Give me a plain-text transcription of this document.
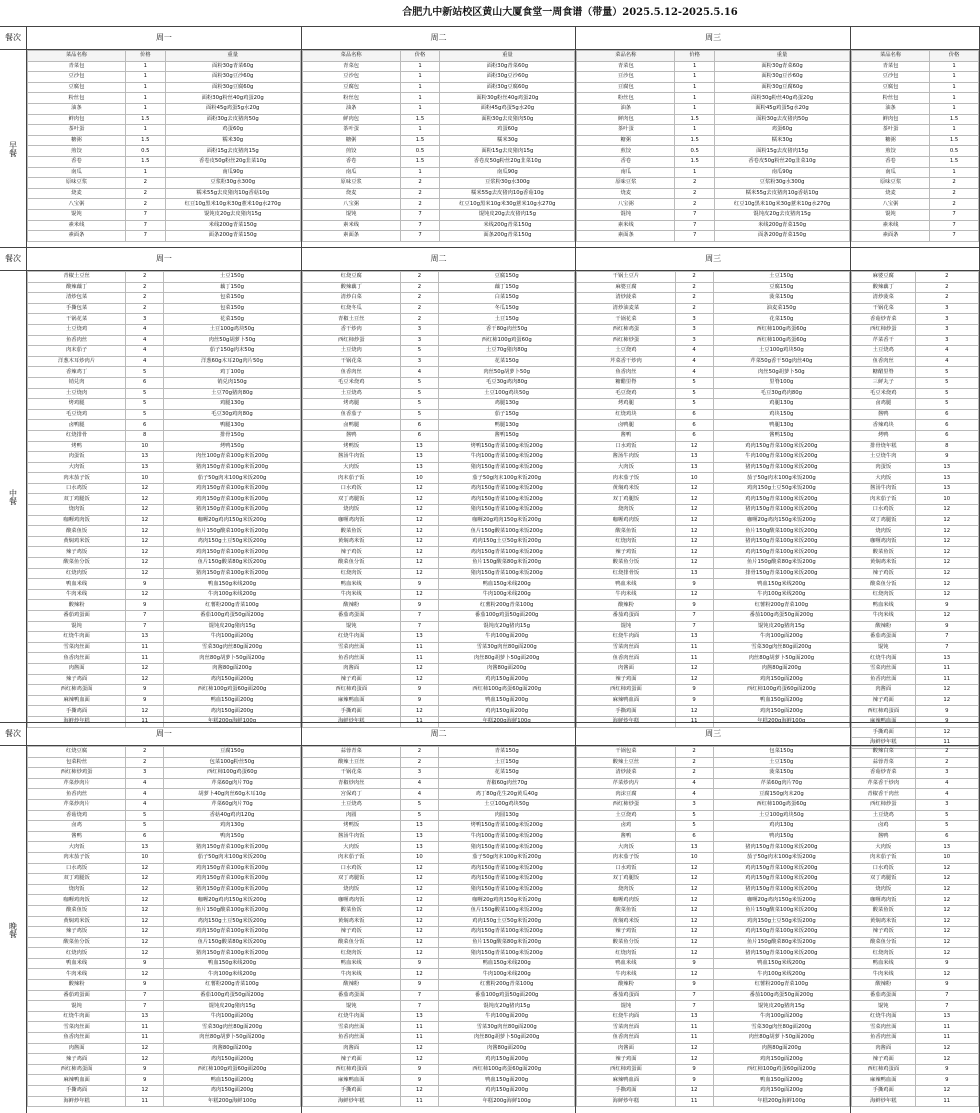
合肥九中新站校区黄山大厦食堂一周食谱（带量）2025.5.12-2025.5.16
餐次	周一	周二	周三
早餐
菜品名称	价格	重量
青菜包	1	面粉30g青菜60g
豆沙包	1	面粉30g豆沙60g
豆腐包	1	面粉30g豆腐60g
粉丝包	1	面粉30g粉丝40g鸡蛋20g
油条	1	面粉45g鸡蛋5g水20g
鲜肉包	1.5	面粉30g去皮猪肉50g
茶叶蛋	1	鸡蛋60g
糖粥	1.5	糯米30g
煎饺	0.5	面粉15g去皮猪肉15g
香卷	1.5	香卷皮50g粉丝20g韭菜10g
南瓜	1	南瓜90g
原味豆浆	2	豆浆粉30g水300g
烧麦	2	糯米55g去皮猪肉10g香菇10g
八宝粥	2	红豆10g黑米10g米30g薏米10g水270g
馄饨	7	馄饨皮20g去皮猪肉15g
素米线	7	米线200g青菜150g
素面条	7	面条200g青菜150g
菜品名称	价格	重量
青菜包	1	面粉30g青菜60g
豆沙包	1	面粉30g豆沙60g
豆腐包	1	面粉30g豆腐60g
粉丝包	1	面粉30g粉丝40g鸡蛋20g
油条	1	面粉45g鸡蛋5g水20g
鲜肉包	1.5	面粉30g去皮猪肉50g
茶叶蛋	1	鸡蛋60g
糖粥	1.5	糯米30g
煎饺	0.5	面粉15g去皮猪肉15g
香卷	1.5	香卷皮50g粉丝20g韭菜10g
南瓜	1	南瓜90g
原味豆浆	2	豆浆粉30g水300g
烧麦	2	糯米55g去皮猪肉10g香菇10g
八宝粥	2	红豆10g黑米10g米30g薏米10g水270g
馄饨	7	馄饨皮20g去皮猪肉15g
素米线	7	米线200g青菜150g
素面条	7	面条200g青菜150g
菜品名称	价格	重量
青菜包	1	面粉30g青菜60g
豆沙包	1	面粉30g豆沙60g
豆腐包	1	面粉30g豆腐60g
粉丝包	1	面粉30g粉丝40g鸡蛋20g
油条	1	面粉45g鸡蛋5g水20g
鲜肉包	1.5	面粉30g去皮猪肉50g
茶叶蛋	1	鸡蛋60g
糖粥	1.5	糯米30g
煎饺	0.5	面粉15g去皮猪肉15g
香卷	1.5	香卷皮50g粉丝20g韭菜10g
南瓜	1	南瓜90g
原味豆浆	2	豆浆粉30g水300g
烧麦	2	糯米55g去皮猪肉10g香菇10g
八宝粥	2	红豆10g黑米10g米30g薏米10g水270g
馄饨	7	馄饨皮20g去皮猪肉15g
素米线	7	米线200g青菜150g
素面条	7	面条200g青菜150g
菜品名称	价格
青菜包	1
豆沙包	1
豆腐包	1
粉丝包	1
油条	1
鲜肉包	1.5
茶叶蛋	1
糖粥	1.5
煎饺	0.5
香卷	1.5
南瓜	1
原味豆浆	2
烧麦	2
八宝粥	2
馄饨	7
素米线	7
素面条	7
餐次	周一	周二	周三
中餐
青椒土豆丝	2	土豆150g
酸辣藕丁	2	藕丁150g
清炒包菜	2	包菜150g
手撕包菜	2	包菜150g
干锅花菜	3	花菜150g
土豆烧鸡	4	土豆100g鸡块50g
鱼香肉丝	4	肉丝50g胡萝卜50g
肉末茄子	4	茄子150g肉末50g
洋葱木耳炒肉片	4	洋葱60g木耳20g肉片50g
香辣鸡丁	5	鸡丁100g
销兑肉	6	销兑肉150g
土豆烧肉	5	土豆70g猪肉80g
烤鸡腿	5	鸡腿130g
毛豆烧鸡	5	毛豆30g鸡肉80g
卤鸭腿	6	鸭腿130g
红烧排骨	8	排骨150g
烤鸭	10	烤鸭150g
肉蛋饭	13	肉丝100g青菜100g米饭200g
大肉饭	13	猪肉150g青菜100g米饭200g
肉末茄子饭	10	茄子50g肉末100g米饭200g
口水鸡饭	12	鸡肉150g青菜100g米饭200g
双丁鸡腿饭	12	鸡肉150g青菜100g米饭200g
烧肉饭	12	猪肉150g青菜100g米饭200g
咖喱鸡肉饭	12	咖喱20g鸡肉150g米饭200g
酸菜鱼饭	12	鱼片150g酸菜100g米饭200g
黄焖鸡米饭	12	鸡肉150g土豆50g米饭200g
辣子鸡饭	12	鸡肉150g青菜100g米饭200g
酸菜鱼分饭	12	鱼片150g酸菜80g米饭200g
红烧肉饭	12	猪肉150g青菜100g米饭200g
鸭血米线	9	鸭血150g米线200g
牛肉米线	12	牛肉100g米线200g
酸辣粉	9	红薯粉200g青菜100g
番茄鸡蛋面	7	番茄100g鸡蛋50g面200g
馄饨	7	馄饨皮20g猪肉15g
红烧牛肉面	13	牛肉100g面200g
雪菜肉丝面	11	雪菜30g肉丝80g面200g
鱼香肉丝面	11	肉丝80g胡萝卜50g面200g
肉酱面	12	肉酱80g面200g
辣子鸡面	12	鸡肉150g面200g
西红柿鸡蛋面	9	西红柿100g鸡蛋60g面200g
麻辣鸭血面	9	鸭血150g面200g
手撕鸡面	12	鸡肉150g面200g
海鲜炒年糕	11	年糕200g海鲜100g
红烧豆腐	2	豆腐150g
酸辣藕丁	2	藕丁150g
清炒白菜	2	白菜150g
红烧冬瓜	2	冬瓜150g
青椒土豆丝	2	土豆150g
香干炒肉	3	香干80g肉丝50g
西红柿炒蛋	3	西红柿100g鸡蛋60g
土豆烧肉	5	土豆70g猪肉80g
干锅花菜	3	花菜150g
鱼香肉丝	4	肉丝50g胡萝卜50g
毛豆米烧鸡	5	毛豆30g鸡肉80g
土豆烧鸡	5	土豆100g鸡块50g
烤鸡腿	5	鸡腿130g
鱼香茄子	5	茄子150g
卤鸭腿	6	鸭腿130g
酱鸭	6	酱鸭150g
烤鸭饭	13	烤鸭150g青菜100g米饭200g
酱汤牛肉饭	13	牛肉100g青菜100g米饭200g
大肉饭	13	猪肉150g青菜100g米饭200g
肉末茄子饭	10	茄子50g肉末100g米饭200g
口水鸡饭	12	鸡肉150g青菜100g米饭200g
双丁鸡腿饭	12	鸡肉150g青菜100g米饭200g
烧肉饭	12	猪肉150g青菜100g米饭200g
咖喱鸡肉饭	12	咖喱20g鸡肉150g米饭200g
酸菜鱼饭	12	鱼片150g酸菜100g米饭200g
黄焖鸡米饭	12	鸡肉150g土豆50g米饭200g
辣子鸡饭	12	鸡肉150g青菜100g米饭200g
酸菜鱼分饭	12	鱼片150g酸菜80g米饭200g
红烧肉饭	12	猪肉150g青菜100g米饭200g
鸭血米线	9	鸭血150g米线200g
牛肉米线	12	牛肉100g米线200g
酸辣粉	9	红薯粉200g青菜100g
番茄鸡蛋面	7	番茄100g鸡蛋50g面200g
馄饨	7	馄饨皮20g猪肉15g
红烧牛肉面	13	牛肉100g面200g
雪菜肉丝面	11	雪菜30g肉丝80g面200g
鱼香肉丝面	11	肉丝80g胡萝卜50g面200g
肉酱面	12	肉酱80g面200g
辣子鸡面	12	鸡肉150g面200g
西红柿鸡蛋面	9	西红柿100g鸡蛋60g面200g
麻辣鸭血面	9	鸭血150g面200g
手撕鸡面	12	鸡肉150g面200g
海鲜炒年糕	11	年糕200g海鲜100g
干锅土豆片	2	土豆150g
麻婆豆腐	2	豆腐150g
清炒菠菜	2	菠菜150g
清炒油麦菜	2	油麦菜150g
干锅花菜	3	花菜150g
西红柿鸡蛋	3	西红柿100g鸡蛋60g
西红柿炒蛋	3	西红柿100g鸡蛋60g
土豆烧鸡	4	土豆100g鸡块50g
芹菜香干炒肉	4	芹菜50g香干50g肉丝40g
鱼香肉丝	4	肉丝50g胡萝卜50g
糖醋里脊	5	里脊100g
毛豆烧鸡	5	毛豆30g鸡肉80g
烤鸡腿	5	鸡腿130g
红烧鸡块	6	鸡块150g
卤鸭腿	6	鸭腿130g
酱鸭	6	酱鸭150g
口水鸡饭	12	鸡肉150g青菜100g米饭200g
酱汤牛肉饭	13	牛肉100g青菜100g米饭200g
大肉饭	13	猪肉150g青菜100g米饭200g
肉末茄子饭	10	茄子50g肉末100g米饭200g
黄焖鸡米饭	12	鸡肉150g土豆50g米饭200g
双丁鸡腿饭	12	鸡肉150g青菜100g米饭200g
烧肉饭	12	猪肉150g青菜100g米饭200g
咖喱鸡肉饭	12	咖喱20g鸡肉150g米饭200g
酸菜鱼饭	12	鱼片150g酸菜100g米饭200g
红烧肉饭	12	猪肉150g青菜100g米饭200g
辣子鸡饭	12	鸡肉150g青菜100g米饭200g
酸菜鱼分饭	12	鱼片150g酸菜80g米饭200g
红烧排骨饭	13	排骨150g青菜100g米饭200g
鸭血米线	9	鸭血150g米线200g
牛肉米线	12	牛肉100g米线200g
酸辣粉	9	红薯粉200g青菜100g
番茄鸡蛋面	7	番茄100g鸡蛋50g面200g
馄饨	7	馄饨皮20g猪肉15g
红烧牛肉面	13	牛肉100g面200g
雪菜肉丝面	11	雪菜30g肉丝80g面200g
鱼香肉丝面	11	肉丝80g胡萝卜50g面200g
肉酱面	12	肉酱80g面200g
辣子鸡面	12	鸡肉150g面200g
西红柿鸡蛋面	9	西红柿100g鸡蛋60g面200g
麻辣鸭血面	9	鸭血150g面200g
手撕鸡面	12	鸡肉150g面200g
海鲜炒年糕	11	年糕200g海鲜100g
麻婆豆腐	2
酸辣藕丁	2
清炒菠菜	2
干锅花菜	3
香菇炒青菜	3
西红柿炒蛋	3
芹菜香干	3
土豆烧鸡	4
鱼香肉丝	4
糖醋里脊	5
三鲜丸子	5
毛豆米烧鸡	5
卤鸡腿	5
酱鸭	6
香辣鸡块	6
烤鸭	6
排骨烧年糕	8
土豆烧牛肉	9
肉蛋饭	13
大肉饭	13
酱汤牛肉饭	13
肉末茄子饭	10
口水鸡饭	12
双丁鸡腿饭	12
烧肉饭	12
咖喱鸡肉饭	12
酸菜鱼饭	12
黄焖鸡米饭	12
辣子鸡饭	12
酸菜鱼分饭	12
红烧肉饭	12
鸭血米线	9
牛肉米线	12
酸辣粉	9
番茄鸡蛋面	7
馄饨	7
红烧牛肉面	13
雪菜肉丝面	11
鱼香肉丝面	11
肉酱面	12
辣子鸡面	12
西红柿鸡蛋面	9
麻辣鸭血面	9
手撕鸡面	12
海鲜炒年糕	11
餐次	周一	周二	周三
晚餐
红烧豆腐	2	豆腐150g
包菜粉丝	2	包菜100g粉丝50g
西红柿炒鸡蛋	3	西红柿100g鸡蛋60g
芹菜炒肉片	4	芹菜60g肉片70g
鱼香肉丝	4	胡萝卜40g肉丝60g木耳10g
芹菜炒肉片	4	芹菜60g肉片70g
香菇烧鸡	5	香菇40g鸡肉120g
卤鸡	5	鸡肉130g
酱鸭	6	鸭肉150g
大肉饭	13	猪肉150g青菜100g米饭200g
肉末茄子饭	10	茄子50g肉末100g米饭200g
口水鸡饭	12	鸡肉150g青菜100g米饭200g
双丁鸡腿饭	12	鸡肉150g青菜100g米饭200g
烧肉饭	12	猪肉150g青菜100g米饭200g
咖喱鸡肉饭	12	咖喱20g鸡肉150g米饭200g
酸菜鱼饭	12	鱼片150g酸菜100g米饭200g
黄焖鸡米饭	12	鸡肉150g土豆50g米饭200g
辣子鸡饭	12	鸡肉150g青菜100g米饭200g
酸菜鱼分饭	12	鱼片150g酸菜80g米饭200g
红烧肉饭	12	猪肉150g青菜100g米饭200g
鸭血米线	9	鸭血150g米线200g
牛肉米线	12	牛肉100g米线200g
酸辣粉	9	红薯粉200g青菜100g
番茄鸡蛋面	7	番茄100g鸡蛋50g面200g
馄饨	7	馄饨皮20g猪肉15g
红烧牛肉面	13	牛肉100g面200g
雪菜肉丝面	11	雪菜30g肉丝80g面200g
鱼香肉丝面	11	肉丝80g胡萝卜50g面200g
肉酱面	12	肉酱80g面200g
辣子鸡面	12	鸡肉150g面200g
西红柿鸡蛋面	9	西红柿100g鸡蛋60g面200g
麻辣鸭血面	9	鸭血150g面200g
手撕鸡面	12	鸡肉150g面200g
海鲜炒年糕	11	年糕200g海鲜100g
蒜蓉青菜	2	青菜150g
酸辣土豆丝	2	土豆150g
干锅花菜	3	花菜150g
青椒炒肉丝	4	青椒60g肉丝70g
宫保鸡丁	4	鸡丁80g花生20g黄瓜40g
土豆烧鸡	5	土豆100g鸡块50g
肉圆	5	肉圆130g
烤鸭饭	13	烤鸭150g青菜100g米饭200g
酱汤牛肉饭	13	牛肉100g青菜100g米饭200g
大肉饭	13	猪肉150g青菜100g米饭200g
肉末茄子饭	10	茄子50g肉末100g米饭200g
口水鸡饭	12	鸡肉150g青菜100g米饭200g
双丁鸡腿饭	12	鸡肉150g青菜100g米饭200g
烧肉饭	12	猪肉150g青菜100g米饭200g
咖喱鸡肉饭	12	咖喱20g鸡肉150g米饭200g
酸菜鱼饭	12	鱼片150g酸菜100g米饭200g
黄焖鸡米饭	12	鸡肉150g土豆50g米饭200g
辣子鸡饭	12	鸡肉150g青菜100g米饭200g
酸菜鱼分饭	12	鱼片150g酸菜80g米饭200g
红烧肉饭	12	猪肉150g青菜100g米饭200g
鸭血米线	9	鸭血150g米线200g
牛肉米线	12	牛肉100g米线200g
酸辣粉	9	红薯粉200g青菜100g
番茄鸡蛋面	7	番茄100g鸡蛋50g面200g
馄饨	7	馄饨皮20g猪肉15g
红烧牛肉面	13	牛肉100g面200g
雪菜肉丝面	11	雪菜30g肉丝80g面200g
鱼香肉丝面	11	肉丝80g胡萝卜50g面200g
肉酱面	12	肉酱80g面200g
辣子鸡面	12	鸡肉150g面200g
西红柿鸡蛋面	9	西红柿100g鸡蛋60g面200g
麻辣鸭血面	9	鸭血150g面200g
手撕鸡面	12	鸡肉150g面200g
海鲜炒年糕	11	年糕200g海鲜100g
干锅包菜	2	包菜150g
酸辣土豆丝	2	土豆150g
清炒菠菜	2	菠菜150g
芹菜炒肉片	4	芹菜60g肉片70g
肉沫豆腐	4	豆腐150g肉末20g
西红柿炒蛋	3	西红柿100g鸡蛋60g
土豆烧鸡	5	土豆100g鸡块50g
卤鸡	5	鸡肉130g
酱鸭	6	鸭肉150g
大肉饭	13	猪肉150g青菜100g米饭200g
肉末茄子饭	10	茄子50g肉末100g米饭200g
口水鸡饭	12	鸡肉150g青菜100g米饭200g
双丁鸡腿饭	12	鸡肉150g青菜100g米饭200g
烧肉饭	12	猪肉150g青菜100g米饭200g
咖喱鸡肉饭	12	咖喱20g鸡肉150g米饭200g
酸菜鱼饭	12	鱼片150g酸菜100g米饭200g
黄焖鸡米饭	12	鸡肉150g土豆50g米饭200g
辣子鸡饭	12	鸡肉150g青菜100g米饭200g
酸菜鱼分饭	12	鱼片150g酸菜80g米饭200g
红烧肉饭	12	猪肉150g青菜100g米饭200g
鸭血米线	9	鸭血150g米线200g
牛肉米线	12	牛肉100g米线200g
酸辣粉	9	红薯粉200g青菜100g
番茄鸡蛋面	7	番茄100g鸡蛋50g面200g
馄饨	7	馄饨皮20g猪肉15g
红烧牛肉面	13	牛肉100g面200g
雪菜肉丝面	11	雪菜30g肉丝80g面200g
鱼香肉丝面	11	肉丝80g胡萝卜50g面200g
肉酱面	12	肉酱80g面200g
辣子鸡面	12	鸡肉150g面200g
西红柿鸡蛋面	9	西红柿100g鸡蛋60g面200g
麻辣鸭血面	9	鸭血150g面200g
手撕鸡面	12	鸡肉150g面200g
海鲜炒年糕	11	年糕200g海鲜100g
酸辣白菜	2
蒜蓉青菜	2
香菇炒青菜	3
芹菜香干炒肉	4
青椒香干肉丝	4
西红柿炒蛋	3
土豆烧鸡	5
卤鸡	5
酱鸭	6
大肉饭	13
肉末茄子饭	10
口水鸡饭	12
双丁鸡腿饭	12
烧肉饭	12
咖喱鸡肉饭	12
酸菜鱼饭	12
黄焖鸡米饭	12
辣子鸡饭	12
酸菜鱼分饭	12
红烧肉饭	12
鸭血米线	9
牛肉米线	12
酸辣粉	9
番茄鸡蛋面	7
馄饨	7
红烧牛肉面	13
雪菜肉丝面	11
鱼香肉丝面	11
肉酱面	12
辣子鸡面	12
西红柿鸡蛋面	9
麻辣鸭血面	9
手撕鸡面	12
海鲜炒年糕	11
